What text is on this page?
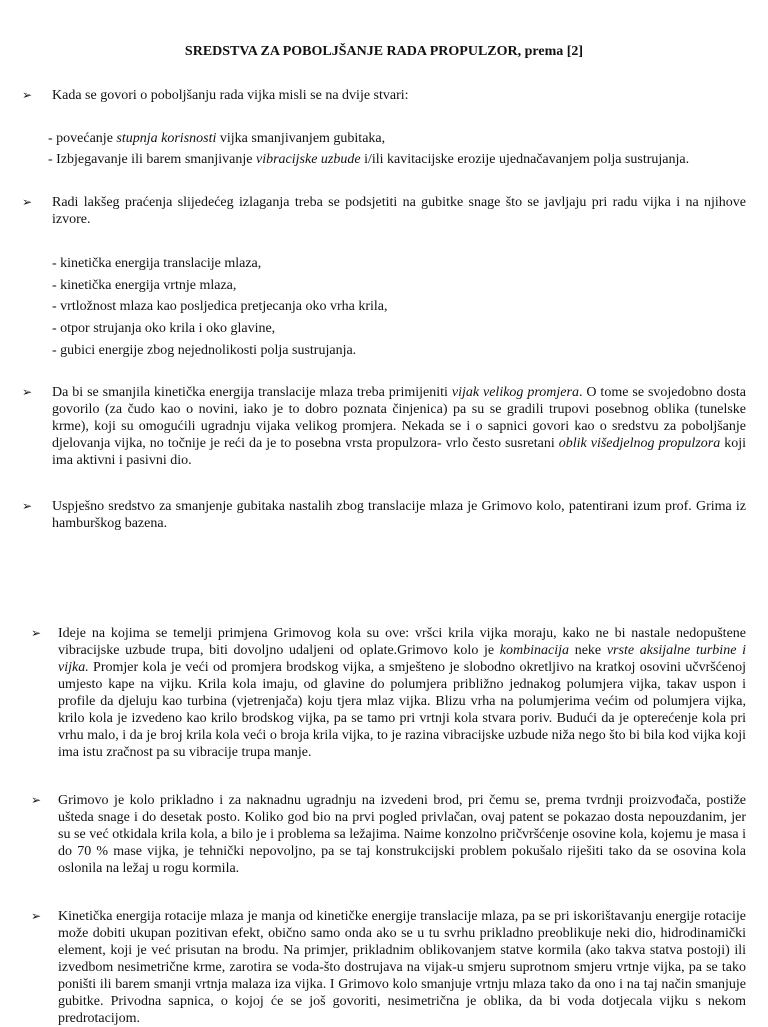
SREDSTVA ZA POBOLJŠANJE RADA PROPULZOR, prema [2]
➢ Kada se govori o poboljšanju rada vijka misli se na dvije stvari:
- povećanje stupnja korisnosti vijka smanjivanjem gubitaka,
- Izbjegavanje ili barem smanjivanje vibracijske uzbude i/ili kavitacijske erozije ujednačavanjem polja sustrujanja.
➢ Radi lakšeg praćenja slijedećeg izlaganja treba se podsjetiti na gubitke snage što se javljaju pri radu vijka i na njihove izvore.
- kinetička energija translacije mlaza,
- kinetička energija vrtnje mlaza,
- vrtložnost mlaza kao posljedica pretjecanja oko vrha krila,
- otpor strujanja oko krila i oko glavine,
- gubici energije zbog nejednolikosti polja sustrujanja.
➢ Da bi se smanjila kinetička energija translacije mlaza treba primijeniti vijak velikog promjera. O tome se svojedobno dosta govorilo (za čudo kao o novini, iako je to dobro poznata činjenica) pa su se gradili trupovi posebnog oblika (tunelske krme), koji su omogućili ugradnju vijaka velikog promjera. Nekada se i o sapnici govori kao o sredstvu za poboljšanje djelovanja vijka, no točnije je reći da je to posebna vrsta propulzora- vrlo često susretani oblik višedjelnog propulzora koji ima aktivni i pasivni dio.
➢ Uspješno sredstvo za smanjenje gubitaka nastalih zbog translacije mlaza je Grimovo kolo, patentirani izum prof. Grima iz hamburškog bazena.
➢ Ideje na kojima se temelji primjena Grimovog kola su ove: vršci krila vijka moraju, kako ne bi nastale nedopuštene vibracijske uzbude trupa, biti dovoljno udaljeni od oplate.Grimovo kolo je kombinacija neke vrste aksijalne turbine i vijka. Promjer kola je veći od promjera brodskog vijka, a smješteno je slobodno okretljivo na kratkoj osovini učvršćenoj umjesto kape na vijku. Krila kola imaju, od glavine do polumjera približno jednakog polumjera vijka, takav uspon i profile da djeluju kao turbina (vjetrenjača) koju tjera mlaz vijka. Blizu vrha na polumjerima većim od polumjera vijka, krilo kola je izvedeno kao krilo brodskog vijka, pa se tamo pri vrtnji kola stvara poriv. Budući da je opterećenje kola pri vrhu malo, i da je broj krila kola veći o broja krila vijka, to je razina vibracijske uzbude niža nego što bi bila kod vijka koji ima istu zračnost pa su vibracije trupa manje.
➢ Grimovo je kolo prikladno i za naknadnu ugradnju na izvedeni brod, pri čemu se, prema tvrdnji proizvođača, postiže ušteda snage i do desetak posto. Koliko god bio na prvi pogled privlačan, ovaj patent se pokazao dosta nepouzdanim, jer su se već otkidala krila kola, a bilo je i problema sa ležajima. Naime konzolno pričvršćenje osovine kola, kojemu je masa i do 70 % mase vijka, je tehnički nepovoljno, pa se taj konstrukcijski problem pokušalo riješiti tako da se osovina kola oslonila na ležaj u rogu kormila.
➢ Kinetička energija rotacije mlaza je manja od kinetičke energije translacije mlaza, pa se pri iskorištavanju energije rotacije može dobiti ukupan pozitivan efekt, obično samo onda ako se u tu svrhu prikladno preoblikuje neki dio, hidrodinamički element, koji je već prisutan na brodu. Na primjer, prikladnim oblikovanjem statve kormila (ako takva statva postoji) ili izvedbom nesimetrične krme, zarotira se voda-što dostrujava na vijak-u smjeru suprotnom smjeru vrtnje vijka, pa se tako poništi ili barem smanji vrtnja malaza iza vijka. I Grimovo kolo smanjuje vrtnju mlaza tako da ono i na taj način smanjuje gubitke. Privodna sapnica, o kojoj će se još govoriti, nesimetrična je oblika, da bi voda dotjecala vijku s nekom predrotacijom.
